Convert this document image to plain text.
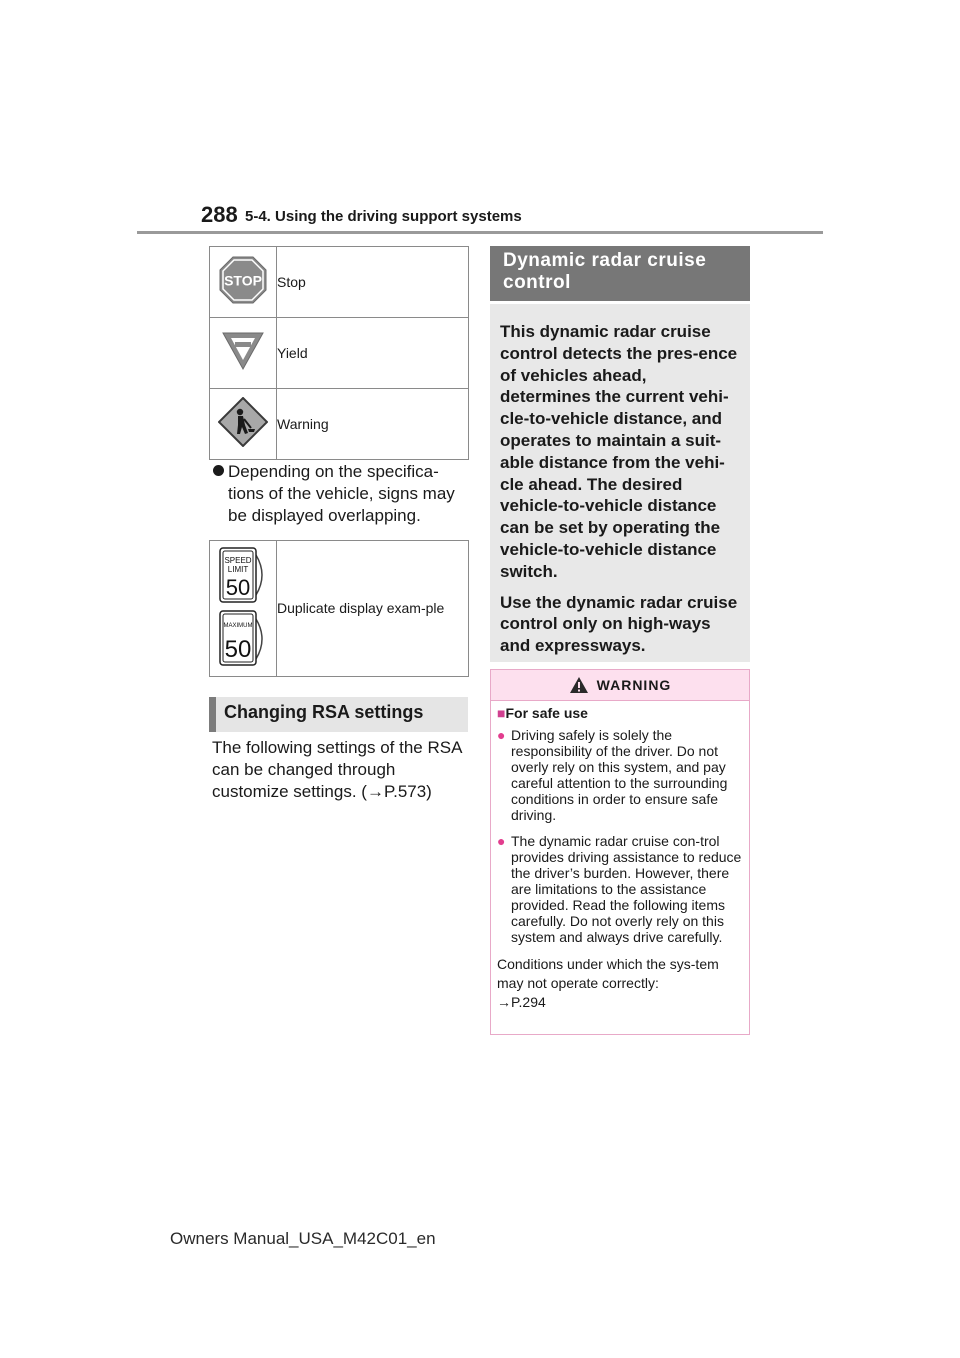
288 5-4. Using the driving support systems
STOP	Stop
	Yield
	Warning
Depending on the specifica-tions of the vehicle, signs may be displayed overlapping.
SPEED
LIMIT
50
MAXIMUM
50
	Duplicate display exam-ple
Changing RSA settings
The following settings of the RSA can be changed through customize settings. (→P.573)
Dynamic radar cruise control

This dynamic radar cruise control detects the pres-ence of vehicles ahead, determines the current vehi-cle-to-vehicle distance, and operates to maintain a suit-able distance from the vehi-cle ahead. The desired vehicle-to-vehicle distance can be set by operating the vehicle-to-vehicle distance switch.

Use the dynamic radar cruise control only on high-ways and expressways.

WARNING
■For safe use
● Driving safely is solely the responsibility of the driver. Do not overly rely on this system, and pay careful attention to the surrounding conditions in order to ensure safe driving.
● The dynamic radar cruise con-trol provides driving assistance to reduce the driver’s burden. However, there are limitations to the assistance provided. Read the following items carefully. Do not overly rely on this system and always drive carefully.
Conditions under which the sys-tem may not operate correctly:
→P.294
Owners Manual_USA_M42C01_en
